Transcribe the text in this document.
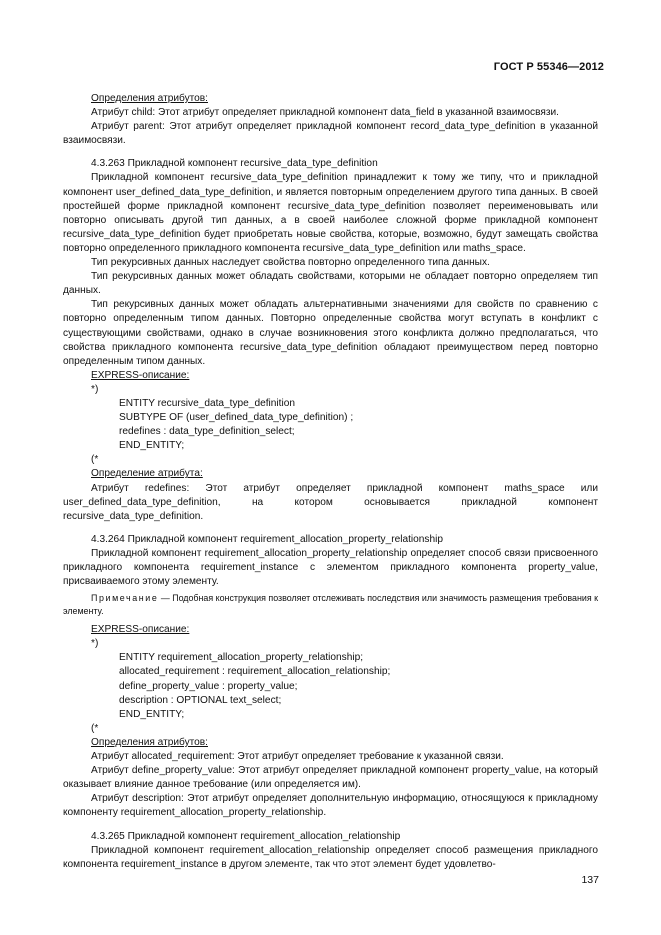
ГОСТ Р 55346—2012

Определения атрибутов:

Атрибут child: Этот атрибут определяет прикладной компонент data_field в указанной взаимосвязи.

Атрибут parent: Этот атрибут определяет прикладной компонент record_data_type_definition в указанной взаимосвязи.

4.3.263 Прикладной компонент recursive_data_type_definition

Прикладной компонент recursive_data_type_definition принадлежит к тому же типу, что и прикладной компонент user_defined_data_type_definition, и является повторным определением другого типа данных. В своей простейшей форме прикладной компонент recursive_data_type_definition позволяет переименовывать или повторно описывать другой тип данных, а в своей наиболее сложной форме прикладной компонент recursive_data_type_definition будет приобретать новые свойства, которые, возможно, будут замещать свойства повторно определенного прикладного компонента recursive_data_type_definition или maths_space.

Тип рекурсивных данных наследует свойства повторно определенного типа данных.

Тип рекурсивных данных может обладать свойствами, которыми не обладает повторно определяем тип данных.

Тип рекурсивных данных может обладать альтернативными значениями для свойств по сравнению с повторно определенным типом данных. Повторно определенные свойства могут вступать в конфликт с существующими свойствами, однако в случае возникновения этого конфликта должно предполагаться, что свойства прикладного компонента recursive_data_type_definition обладают преимуществом перед повторно определенным типом данных.

EXPRESS-описание:

*)

ENTITY recursive_data_type_definition

SUBTYPE OF (user_defined_data_type_definition) ;

redefines : data_type_definition_select;

END_ENTITY;

(*

Определение атрибута:

Атрибут redefines: Этот атрибут определяет прикладной компонент maths_space или user_defined_data_type_definition, на котором основывается прикладной компонент recursive_data_type_definition.

4.3.264 Прикладной компонент requirement_allocation_property_relationship

Прикладной компонент requirement_allocation_property_relationship определяет способ связи присвоенного прикладного компонента requirement_instance с элементом прикладного компонента property_value, присваиваемого этому элементу.

Примечание — Подобная конструкция позволяет отслеживать последствия или значимость размещения требования к элементу.

EXPRESS-описание:

*)

ENTITY requirement_allocation_property_relationship;

allocated_requirement : requirement_allocation_relationship;

define_property_value : property_value;

description : OPTIONAL text_select;

END_ENTITY;

(*

Определения атрибутов:

Атрибут allocated_requirement: Этот атрибут определяет требование к указанной связи.

Атрибут define_property_value: Этот атрибут определяет прикладной компонент property_value, на который оказывает влияние данное требование (или определяется им).

Атрибут description: Этот атрибут определяет дополнительную информацию, относящуюся к прикладному компоненту requirement_allocation_property_relationship.

4.3.265 Прикладной компонент requirement_allocation_relationship

Прикладной компонент requirement_allocation_relationship определяет способ размещения прикладного компонента requirement_instance в другом элементе, так что этот элемент будет удовлетво-

137
